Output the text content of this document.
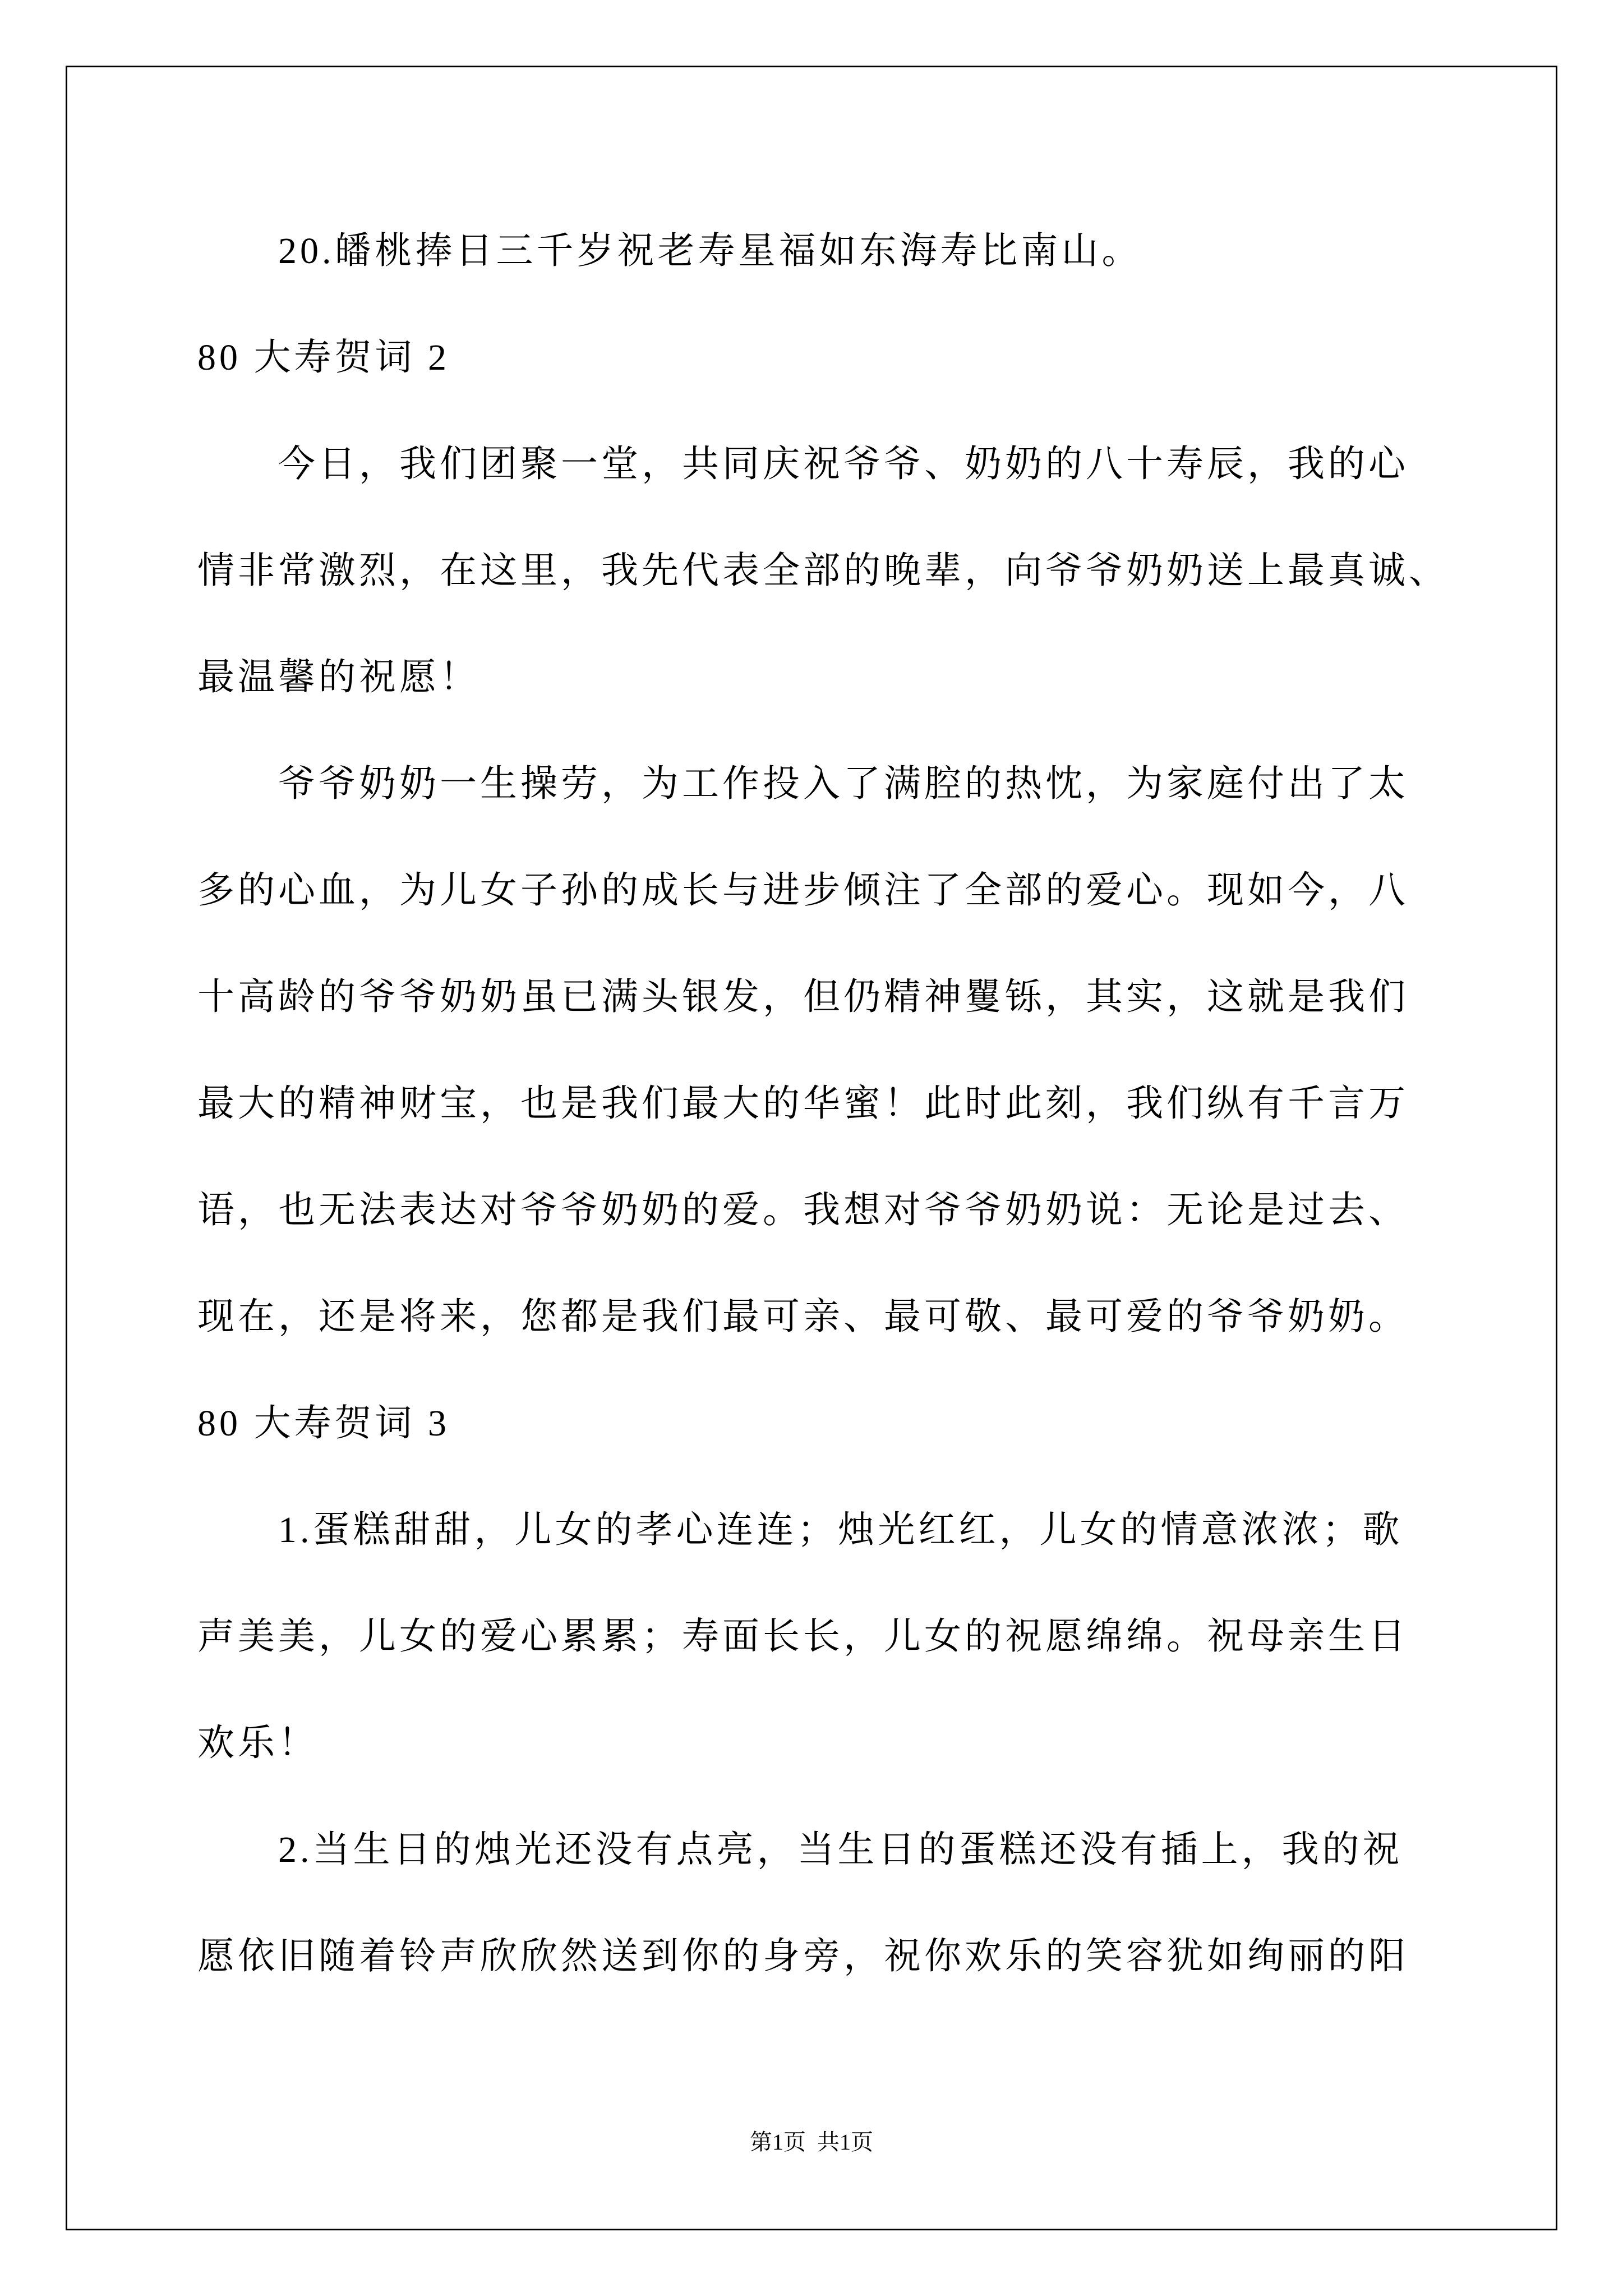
20.皤桃捧日三千岁祝老寿星福如东海寿比南山。
80 大寿贺词 2
今日，我们团聚一堂，共同庆祝爷爷、奶奶的八十寿辰，我的心
情非常激烈，在这里，我先代表全部的晚辈，向爷爷奶奶送上最真诚、
最温馨的祝愿！
爷爷奶奶一生操劳，为工作投入了满腔的热忱，为家庭付出了太
多的心血，为儿女子孙的成长与进步倾注了全部的爱心。现如今，八
十高龄的爷爷奶奶虽已满头银发，但仍精神矍铄，其实，这就是我们
最大的精神财宝，也是我们最大的华蜜！此时此刻，我们纵有千言万
语，也无法表达对爷爷奶奶的爱。我想对爷爷奶奶说：无论是过去、
现在，还是将来，您都是我们最可亲、最可敬、最可爱的爷爷奶奶。
80 大寿贺词 3
1.蛋糕甜甜，儿女的孝心连连；烛光红红，儿女的情意浓浓；歌
声美美，儿女的爱心累累；寿面长长，儿女的祝愿绵绵。祝母亲生日
欢乐！
2.当生日的烛光还没有点亮，当生日的蛋糕还没有插上，我的祝
愿依旧随着铃声欣欣然送到你的身旁，祝你欢乐的笑容犹如绚丽的阳
第1页  共1页
